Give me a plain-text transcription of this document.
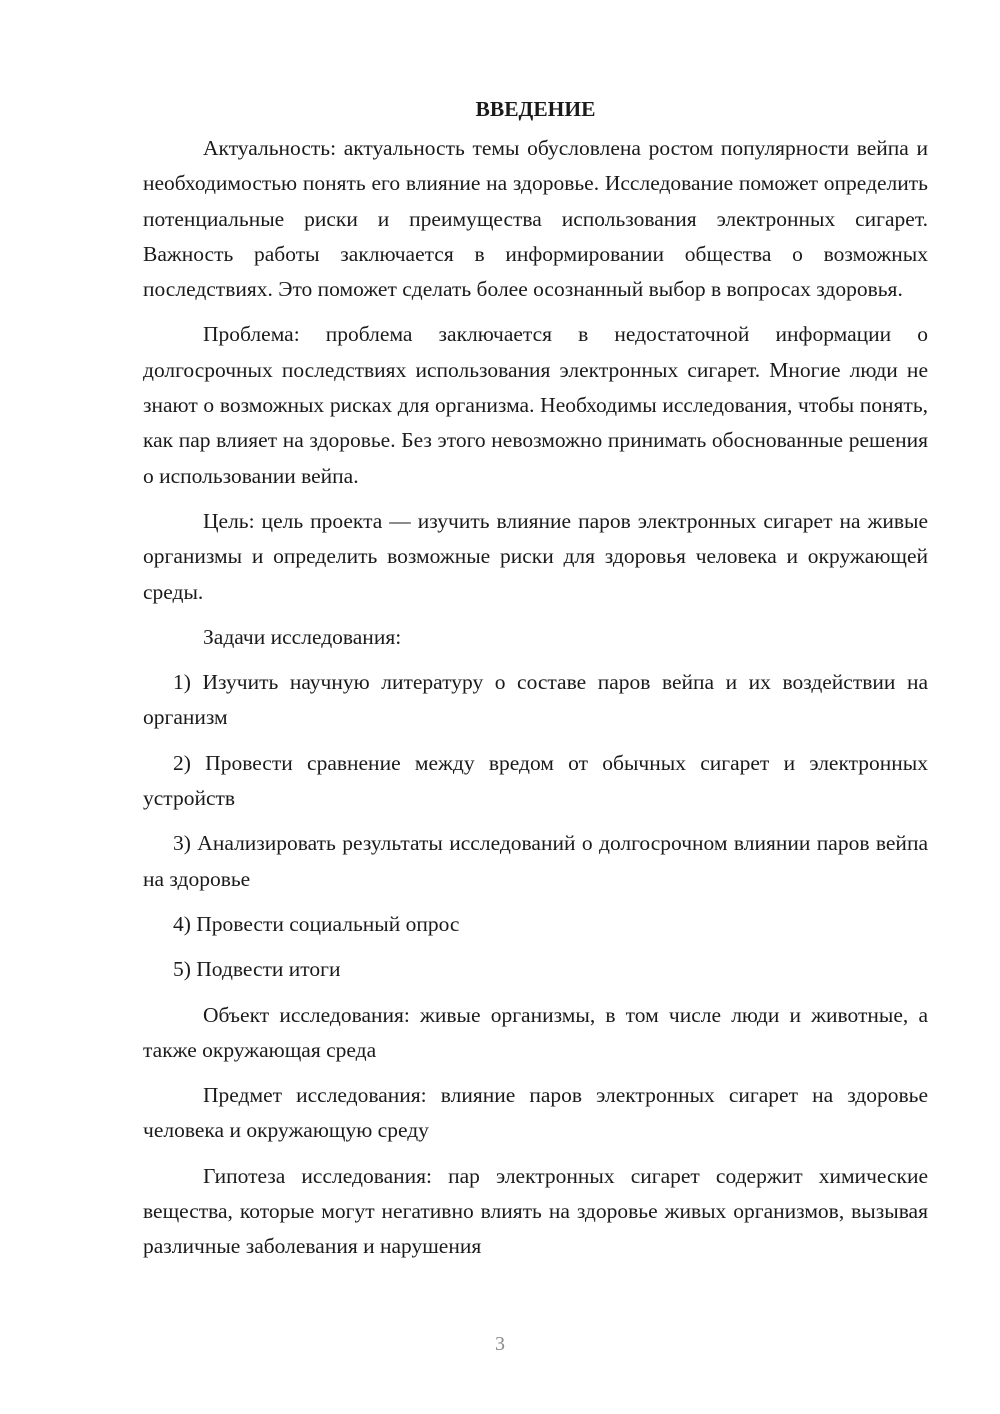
ВВЕДЕНИЕ

Актуальность: актуальность темы обусловлена ростом популярности вейпа и необходимостью понять его влияние на здоровье. Исследование поможет определить потенциальные риски и преимущества использования электронных сигарет. Важность работы заключается в информировании общества о возможных последствиях. Это поможет сделать более осознанный выбор в вопросах здоровья.

Проблема: проблема заключается в недостаточной информации о долгосрочных последствиях использования электронных сигарет. Многие люди не знают о возможных рисках для организма. Необходимы исследования, чтобы понять, как пар влияет на здоровье. Без этого невозможно принимать обоснованные решения о использовании вейпа.

Цель: цель проекта — изучить влияние паров электронных сигарет на живые организмы и определить возможные риски для здоровья человека и окружающей среды.

Задачи исследования:

1) Изучить научную литературу о составе паров вейпа и их воздействии на организм

2) Провести сравнение между вредом от обычных сигарет и электронных устройств

3) Анализировать результаты исследований о долгосрочном влиянии паров вейпа на здоровье

4) Провести социальный опрос

5) Подвести итоги

Объект исследования: живые организмы, в том числе люди и животные, а также окружающая среда

Предмет исследования: влияние паров электронных сигарет на здоровье человека и окружающую среду

Гипотеза исследования: пар электронных сигарет содержит химические вещества, которые могут негативно влиять на здоровье живых организмов, вызывая различные заболевания и нарушения

3
